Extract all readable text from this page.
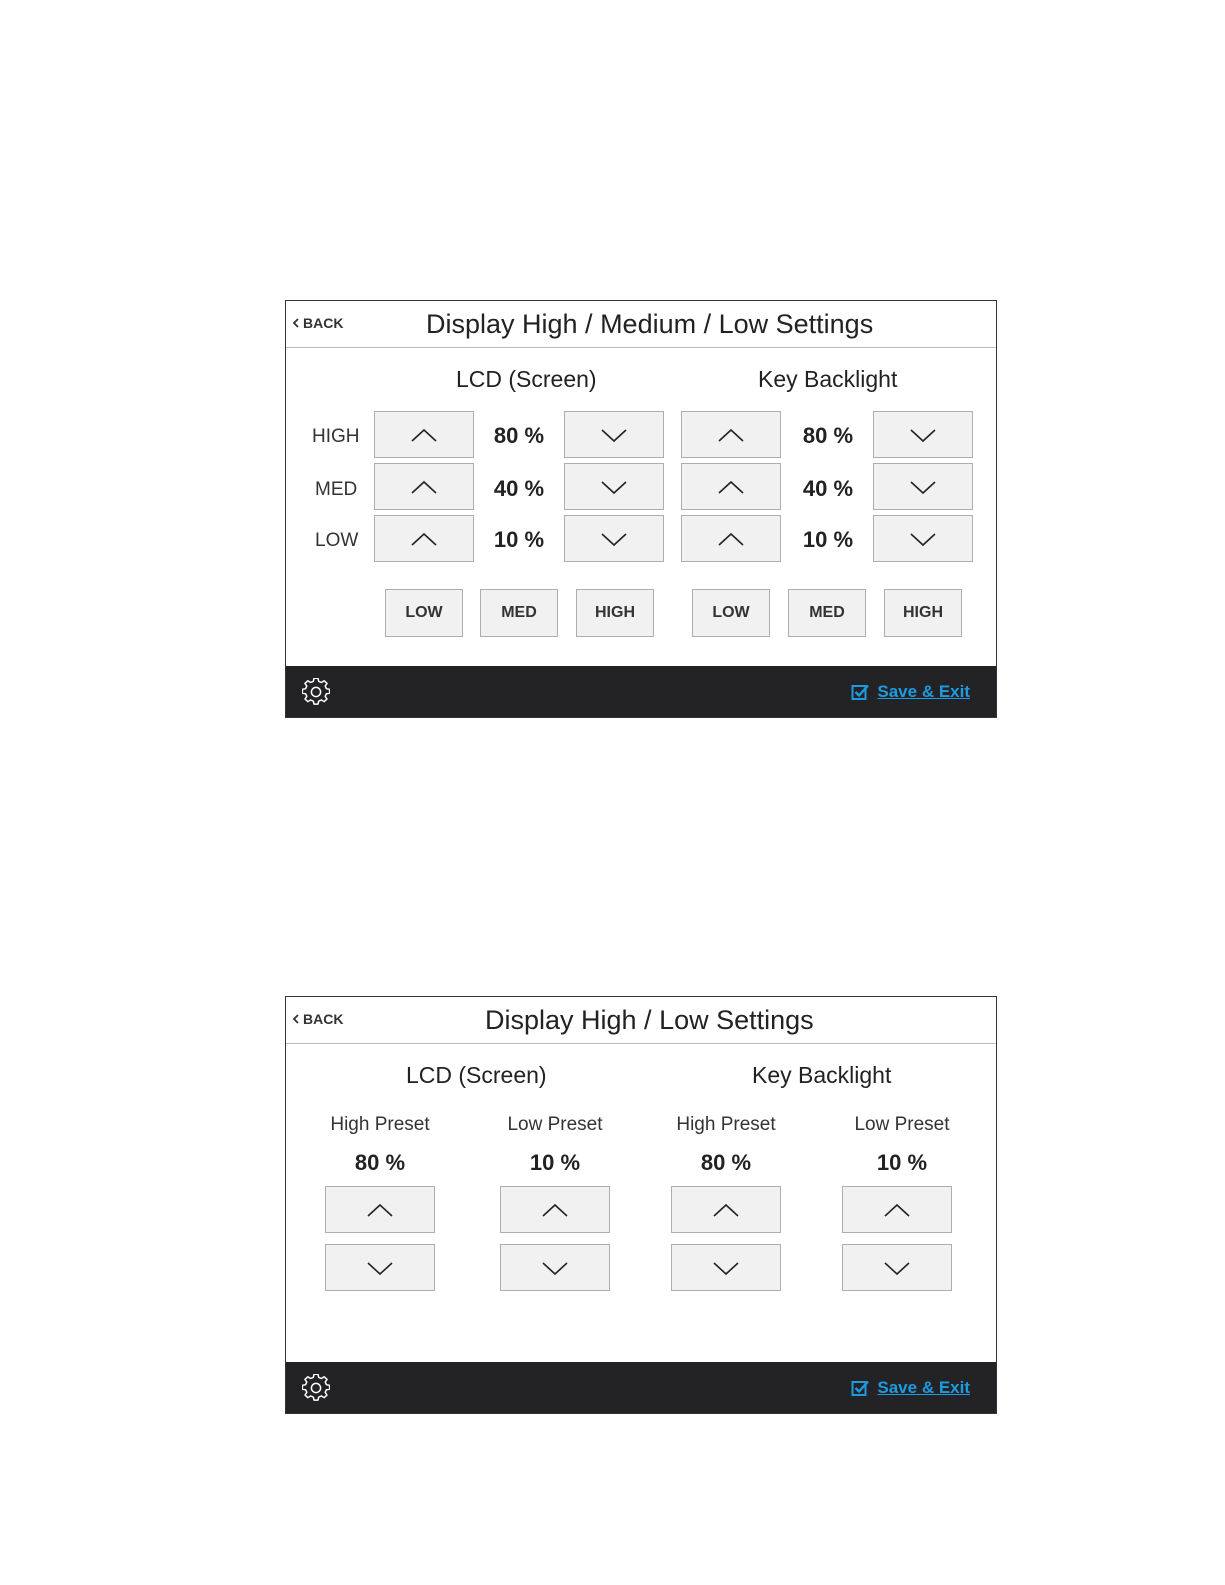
BACK	Display High / Medium / Low Settings
LCD (Screen)	Key Backlight
HIGH	80 %	80 %
MED	40 %	40 %
LOW	10 %	10 %
LOW	MED	HIGH	LOW	MED	HIGH
Save & Exit
BACK	Display High / Low Settings
LCD (Screen)	Key Backlight
High Preset
80 %
Low Preset
10 %
High Preset
80 %
Low Preset
10 %
Save & Exit
